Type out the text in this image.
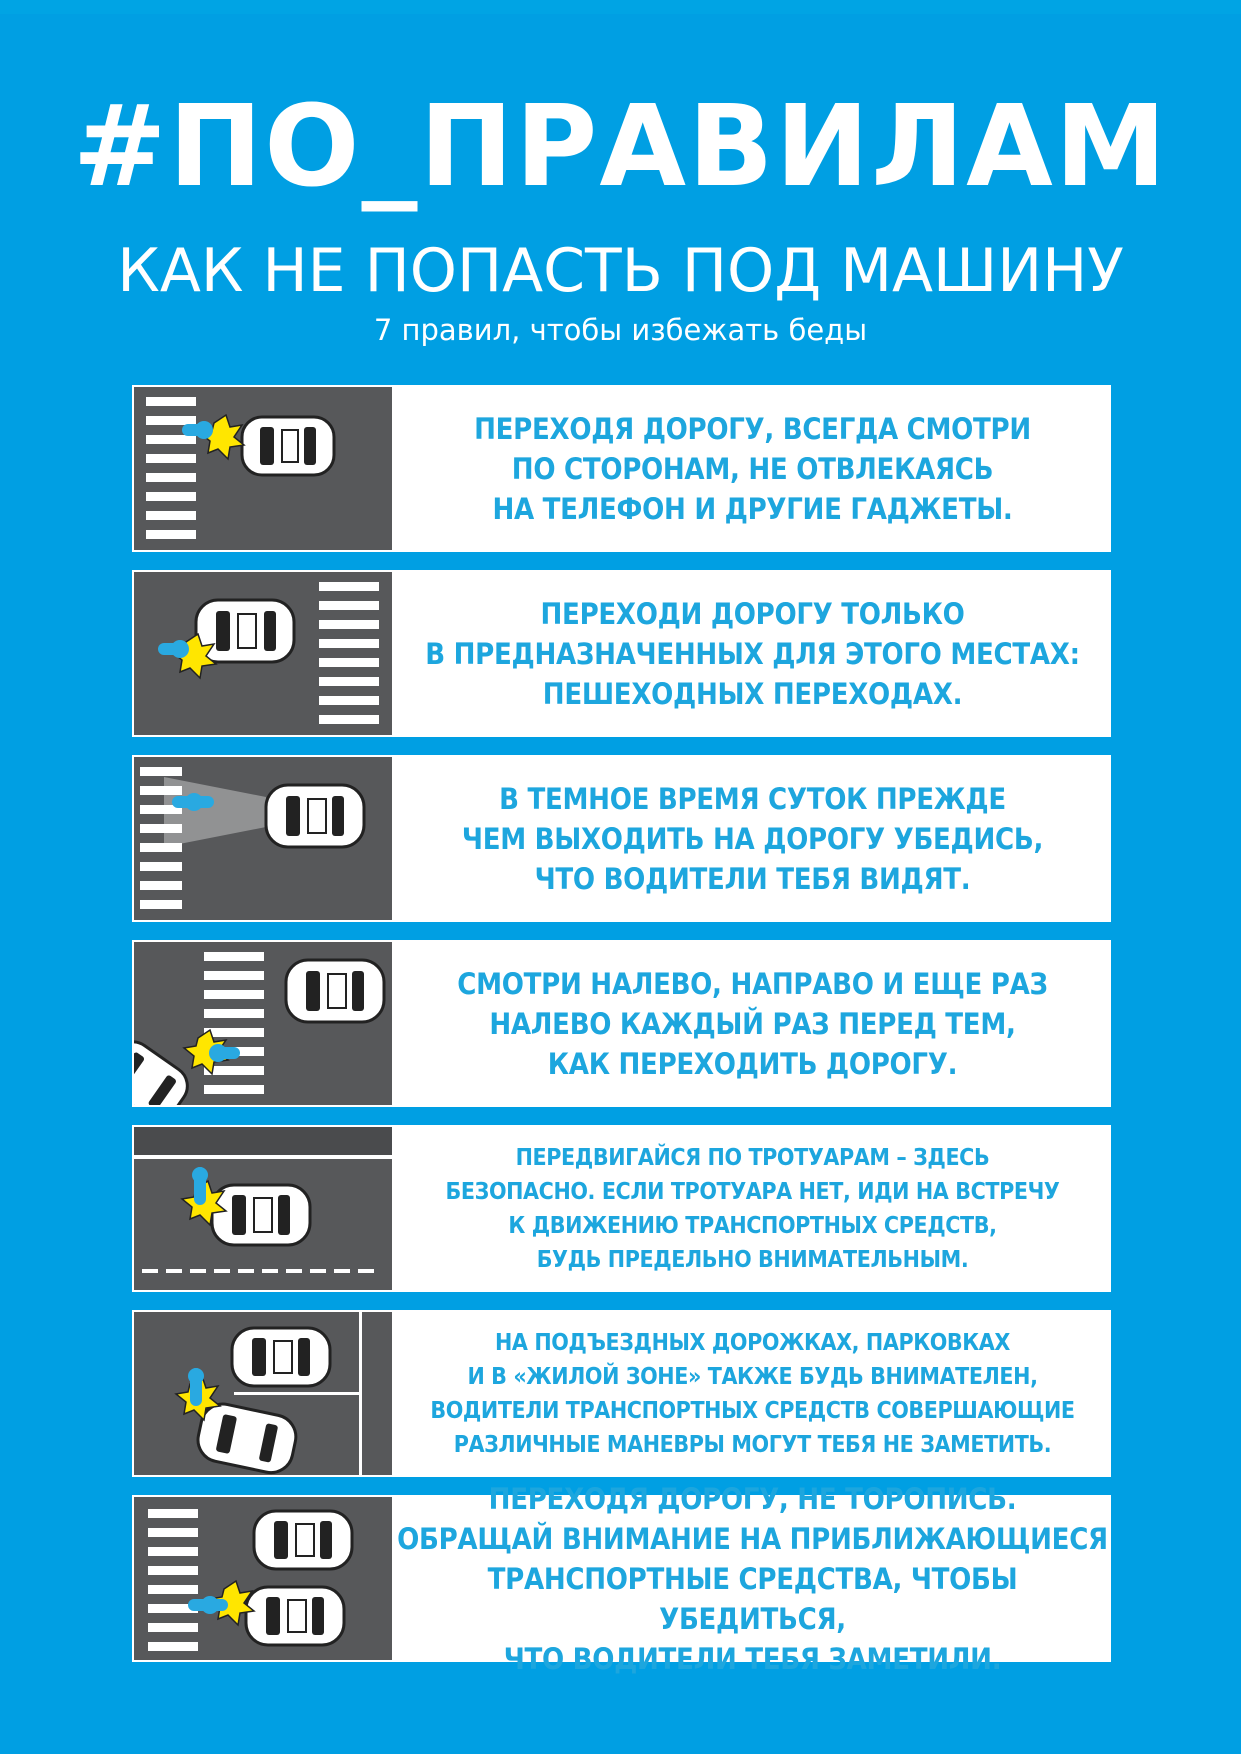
#ПО_ПРАВИЛАМ
КАК НЕ ПОПАСТЬ ПОД МАШИНУ
7 правил, чтобы избежать беды
ПЕРЕХОДЯ ДОРОГУ, ВСЕГДА СМОТРИ
ПО СТОРОНАМ, НЕ ОТВЛЕКАЯСЬ
НА ТЕЛЕФОН И ДРУГИЕ ГАДЖЕТЫ.
ПЕРЕХОДИ ДОРОГУ ТОЛЬКО
В ПРЕДНАЗНАЧЕННЫХ ДЛЯ ЭТОГО МЕСТАХ:
ПЕШЕХОДНЫХ ПЕРЕХОДАХ.
В ТЕМНОЕ ВРЕМЯ СУТОК ПРЕЖДЕ
ЧЕМ ВЫХОДИТЬ НА ДОРОГУ УБЕДИСЬ,
ЧТО ВОДИТЕЛИ ТЕБЯ ВИДЯТ.
СМОТРИ НАЛЕВО, НАПРАВО И ЕЩЕ РАЗ
НАЛЕВО КАЖДЫЙ РАЗ ПЕРЕД ТЕМ,
КАК ПЕРЕХОДИТЬ ДОРОГУ.
ПЕРЕДВИГАЙСЯ ПО ТРОТУАРАМ – ЗДЕСЬ
БЕЗОПАСНО. ЕСЛИ ТРОТУАРА НЕТ, ИДИ НА ВСТРЕЧУ
К ДВИЖЕНИЮ ТРАНСПОРТНЫХ СРЕДСТВ,
БУДЬ ПРЕДЕЛЬНО ВНИМАТЕЛЬНЫМ.
НА ПОДЪЕЗДНЫХ ДОРОЖКАХ, ПАРКОВКАХ
И В «ЖИЛОЙ ЗОНЕ» ТАКЖЕ БУДЬ ВНИМАТЕЛЕН,
ВОДИТЕЛИ ТРАНСПОРТНЫХ СРЕДСТВ СОВЕРШАЮЩИЕ
РАЗЛИЧНЫЕ МАНЕВРЫ МОГУТ ТЕБЯ НЕ ЗАМЕТИТЬ.
ПЕРЕХОДЯ ДОРОГУ, НЕ ТОРОПИСЬ.
ОБРАЩАЙ ВНИМАНИЕ НА ПРИБЛИЖАЮЩИЕСЯ
ТРАНСПОРТНЫЕ СРЕДСТВА, ЧТОБЫ УБЕДИТЬСЯ,
ЧТО ВОДИТЕЛИ ТЕБЯ ЗАМЕТИЛИ.
